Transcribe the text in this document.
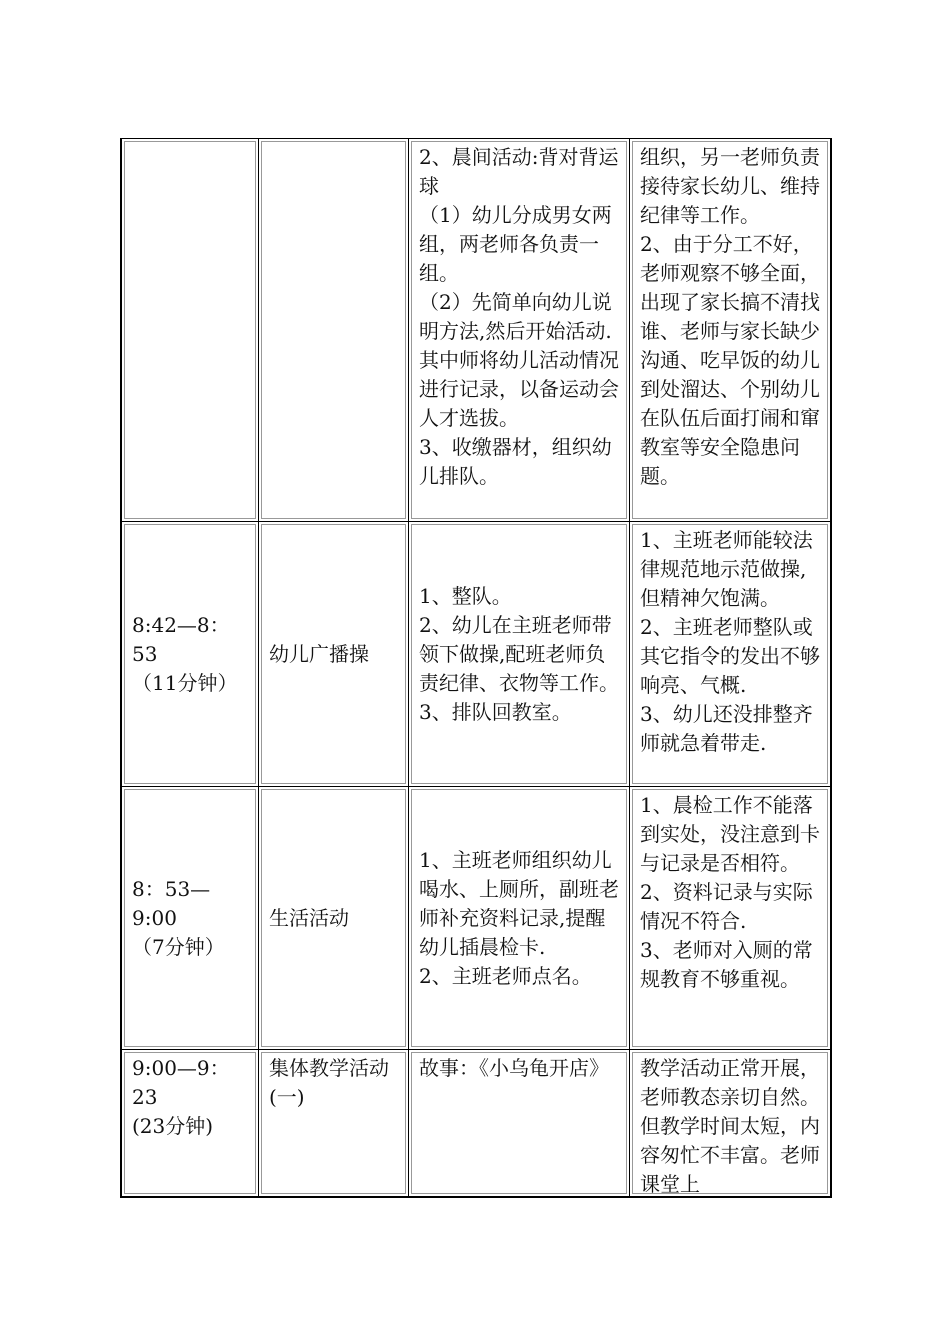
2、晨间活动:背对背运球
（1）幼儿分成男女两组，两老师各负责一组。
（2）先简单向幼儿说明方法,然后开始活动.其中师将幼儿活动情况进行记录，以备运动会人才选拔。
3、收缴器材，组织幼儿排队。
组织，另一老师负责接待家长幼儿、维持纪律等工作。
2、由于分工不好，老师观察不够全面，出现了家长搞不清找谁、老师与家长缺少沟通、吃早饭的幼儿到处溜达、个别幼儿在队伍后面打闹和窜教室等安全隐患问题。
8:42—8：53
（11分钟）
幼儿广播操
1、整队。
2、幼儿在主班老师带领下做操,配班老师负责纪律、衣物等工作。
3、排队回教室。
1、主班老师能较法律规范地示范做操,但精神欠饱满。
2、主班老师整队或其它指令的发出不够响亮、气概.
3、幼儿还没排整齐师就急着带走.
8：53—9:00
（7分钟）
生活活动
1、主班老师组织幼儿喝水、上厕所，副班老师补充资料记录,提醒幼儿插晨检卡.
2、主班老师点名。
1、晨检工作不能落到实处，没注意到卡与记录是否相符。
2、资料记录与实际情况不符合.
3、老师对入厕的常规教育不够重视。
9:00—9：23
(23分钟)
集体教学活动(一)
故事：《小乌龟开店》	教学活动正常开展，老师教态亲切自然。但教学时间太短，内容匆忙不丰富。老师课堂上
